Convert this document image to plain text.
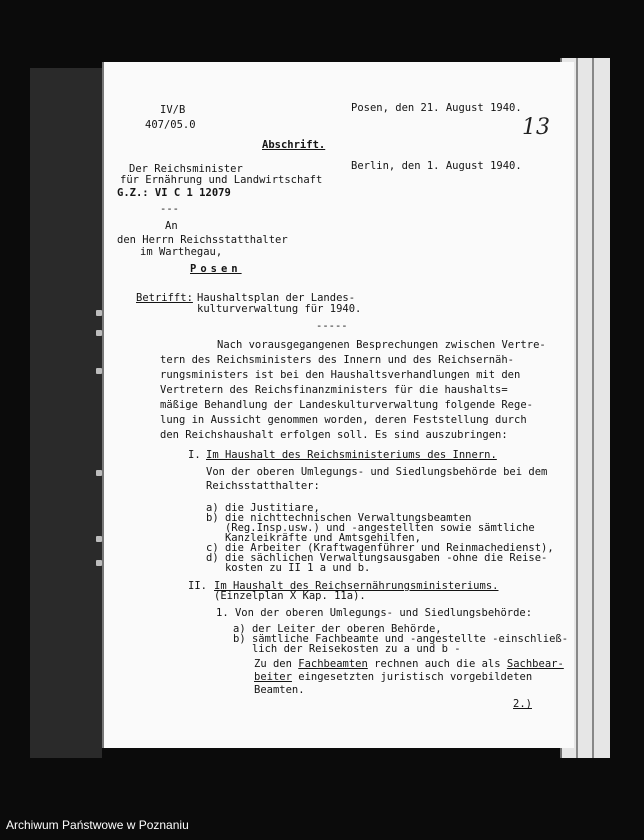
IV/B
407/05.0
Posen, den 21. August 1940.
13
Abschrift.
Der Reichsminister
für Ernährung und Landwirtschaft
Berlin, den 1. August 1940.
G.Z.: VI C 1 12079
---
An
den Herrn Reichsstatthalter
im Warthegau,
Posen
Betrifft: Haushaltsplan der Landes-
kulturverwaltung für 1940.
-----
Nach vorausgegangenen Besprechungen zwischen Vertre-
tern des Reichsministers des Innern und des Reichsernäh-
rungsministers ist bei den Haushaltsverhandlungen mit den
Vertretern des Reichsfinanzministers für die haushalts=
mäßige Behandlung der Landeskulturverwaltung folgende Rege-
lung in Aussicht genommen worden, deren Feststellung durch
den Reichshaushalt erfolgen soll. Es sind auszubringen:
I. Im Haushalt des Reichsministeriums des Innern.
Von der oberen Umlegungs- und Siedlungsbehörde bei dem
Reichsstatthalter:
a) die Justitiare,
b) die nichttechnischen Verwaltungsbeamten
(Reg.Insp.usw.) und -angestellten sowie sämtliche
Kanzleikräfte und Amtsgehilfen,
c) die Arbeiter (Kraftwagenführer und Reinmachedienst),
d) die sächlichen Verwaltungsausgaben -ohne die Reise-
kosten zu II 1 a und b.
II. Im Haushalt des Reichsernährungsministeriums.
(Einzelplan X Kap. 11a).
1. Von der oberen Umlegungs- und Siedlungsbehörde:
a) der Leiter der oberen Behörde,
b) sämtliche Fachbeamte und -angestellte -einschließ-
lich der Reisekosten zu a und b -
Zu den Fachbeamten rechnen auch die als Sachbear-
beiter eingesetzten juristisch vorgebildeten
Beamten.
2.)
Archiwum Państwowe w Poznaniu
